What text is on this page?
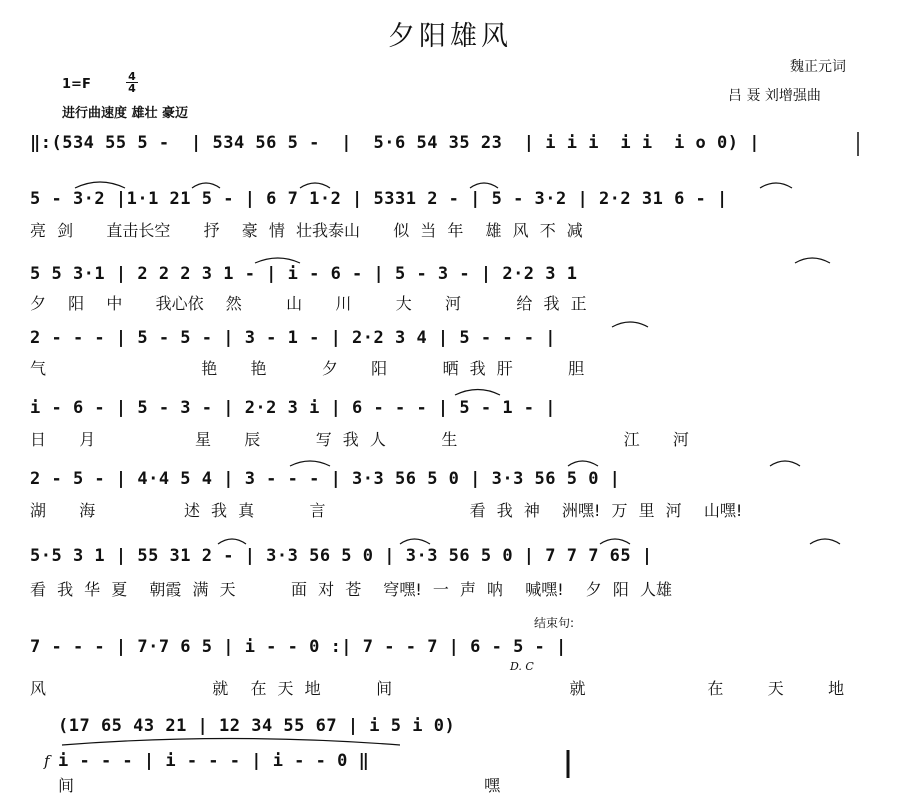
夕阳雄风
魏正元词
吕 聂 刘增强曲
1=F	$\frac{4}{4}$
进行曲速度 雄壮 豪迈
‖:(534 55 5 -  | 534 56 5 -  |  5·6 54 35 23  | i i i  i i  i o 0) |
5 - 3·2 |1·1 21 5 - | 6 7 1·2 | 5331 2 - | 5 - 3·2 | 2·2 31 6 - |
亮 剑   直击长空   抒  豪 情 壮我泰山   似 当 年  雄 风 不 减
5 5 3·1 | 2 2 2 3 1 - | i - 6 - | 5 - 3 - | 2·2 3 1
夕  阳  中   我心依  然    山   川    大   河     给 我 正
2 - - - | 5 - 5 - | 3 - 1 - | 2·2 3 4 | 5 - - - |
气              艳   艳     夕   阳     晒 我 肝     胆
i - 6 - | 5 - 3 - | 2·2 3 i | 6 - - - | 5 - 1 - |
日   月         星   辰     写 我 人     生               江   河
2 - 5 - | 4·4 5 4 | 3 - - - | 3·3 56 5 0 | 3·3 56 5 0 |
湖   海        述 我 真     言             看 我 神  洲嘿! 万 里 河  山嘿!
5·5 3 1 | 55 31 2 - | 3·3 56 5 0 | 3·3 56 5 0 | 7 7 7 65 |
看 我 华 夏  朝霞 满 天     面 对 苍  穹嘿! 一 声 呐  喊嘿!  夕 阳 人雄
结束句:
7 - - - | 7·7 6 5 | i - - 0 :| 7 - - 7 | 6 - 5 - |
D. C
风               就  在 天 地     间                就           在    天    地
(17 65 43 21 | 12 34 55 67 | i 5 i 0)
f i - - - | i - - - | i - - 0 ‖
间                                     嘿
